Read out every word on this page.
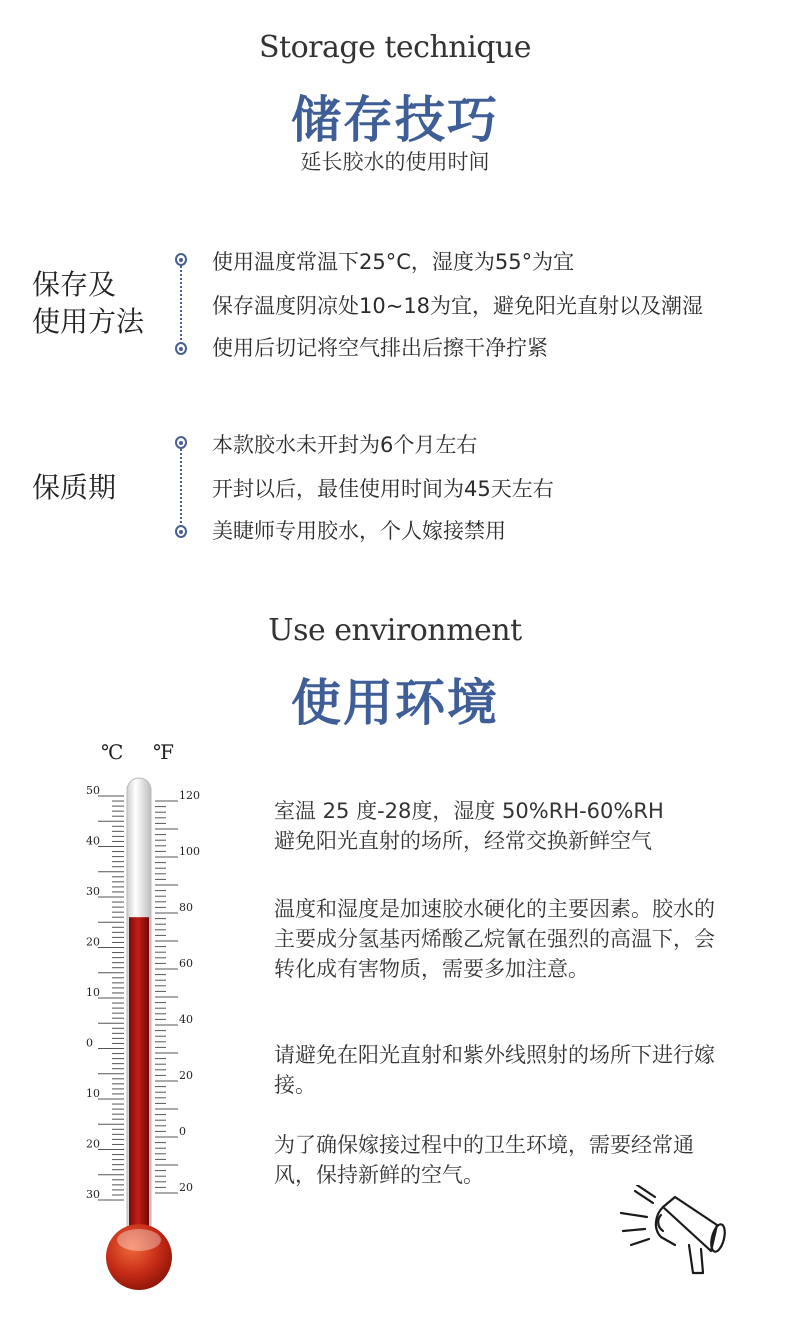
Storage technique
储存技巧
延长胶水的使用时间
保存及
使用方法
使用温度常温下25°C，湿度为55°为宜
保存温度阴凉处10~18为宜，避免阳光直射以及潮湿
使用后切记将空气排出后擦干净拧紧
保质期
本款胶水未开封为6个月左右
开封以后，最佳使用时间为45天左右
美睫师专用胶水，个人嫁接禁用
Use environment
使用环境
℃ ℉
50
40
30
20
10
0
10
20
30
120
100
80
60
40
20
0
20

室温 25 度-28度，湿度 50%RH-60%RH

避免阳光直射的场所，经常交换新鲜空气

温度和湿度是加速胶水硬化的主要因素。胶水的主要成分氢基丙烯酸乙烷氰在强烈的高温下，会转化成有害物质，需要多加注意。

请避免在阳光直射和紫外线照射的场所下进行嫁接。

为了确保嫁接过程中的卫生环境，需要经常通风，保持新鲜的空气。
